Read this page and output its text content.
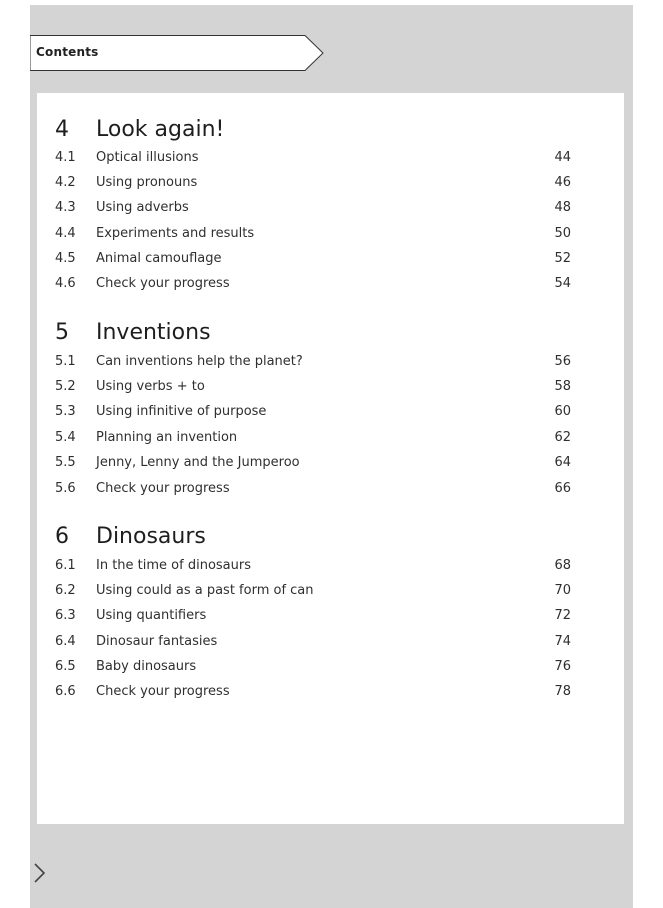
Contents
4 Look again!
4.1 Optical illusions	44
4.2 Using pronouns	46
4.3 Using adverbs	48
4.4 Experiments and results	50
4.5 Animal camouflage	52
4.6 Check your progress	54
5 Inventions
5.1 Can inventions help the planet?	56
5.2 Using verbs + to	58
5.3 Using infinitive of purpose	60
5.4 Planning an invention	62
5.5 Jenny, Lenny and the Jumperoo	64
5.6 Check your progress	66
6 Dinosaurs
6.1 In the time of dinosaurs	68
6.2 Using could as a past form of can	70
6.3 Using quantifiers	72
6.4 Dinosaur fantasies	74
6.5 Baby dinosaurs	76
6.6 Check your progress	78
